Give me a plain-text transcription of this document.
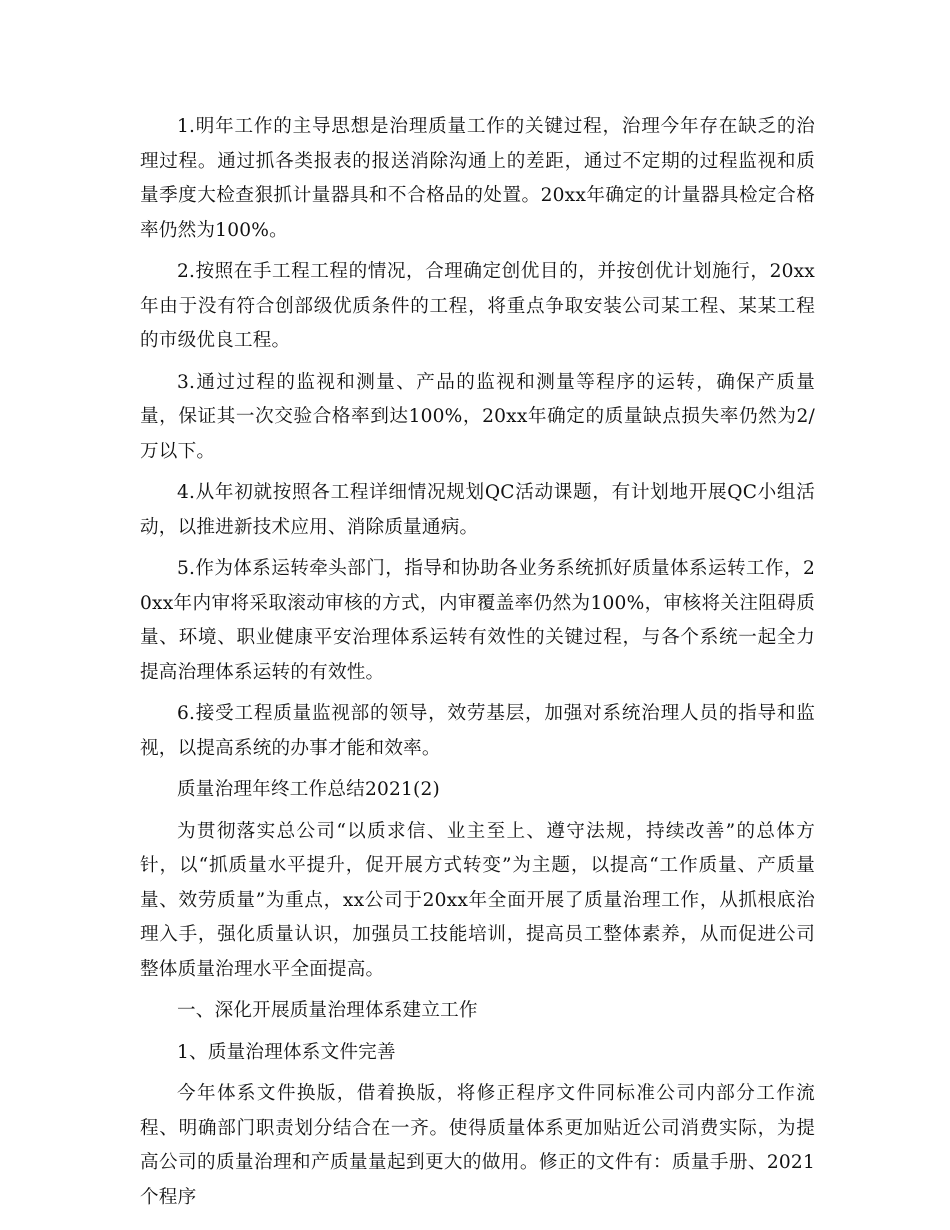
1.明年工作的主导思想是治理质量工作的关键过程，治理今年存在缺乏的治理过程。通过抓各类报表的报送消除沟通上的差距，通过不定期的过程监视和质量季度大检查狠抓计量器具和不合格品的处置。20xx年确定的计量器具检定合格率仍然为100%。

2.按照在手工程工程的情况，合理确定创优目的，并按创优计划施行，20xx年由于没有符合创部级优质条件的工程，将重点争取安装公司某工程、某某工程的市级优良工程。

3.通过过程的监视和测量、产品的监视和测量等程序的运转，确保产质量量，保证其一次交验合格率到达100%，20xx年确定的质量缺点损失率仍然为2/万以下。

4.从年初就按照各工程详细情况规划QC活动课题，有计划地开展QC小组活动，以推进新技术应用、消除质量通病。

5.作为体系运转牵头部门，指导和协助各业务系统抓好质量体系运转工作，20xx年内审将采取滚动审核的方式，内审覆盖率仍然为100%，审核将关注阻碍质量、环境、职业健康平安治理体系运转有效性的关键过程，与各个系统一起全力提高治理体系运转的有效性。

6.接受工程质量监视部的领导，效劳基层，加强对系统治理人员的指导和监视，以提高系统的办事才能和效率。

质量治理年终工作总结2021(2)

为贯彻落实总公司“以质求信、业主至上、遵守法规，持续改善”的总体方针，以“抓质量水平提升，促开展方式转变”为主题，以提高“工作质量、产质量量、效劳质量”为重点，xx公司于20xx年全面开展了质量治理工作，从抓根底治理入手，强化质量认识，加强员工技能培训，提高员工整体素养，从而促进公司整体质量治理水平全面提高。

一、深化开展质量治理体系建立工作

1、质量治理体系文件完善

今年体系文件换版，借着换版，将修正程序文件同标准公司内部分工作流程、明确部门职责划分结合在一齐。使得质量体系更加贴近公司消费实际，为提高公司的质量治理和产质量量起到更大的做用。修正的文件有：质量手册、2021个程序
